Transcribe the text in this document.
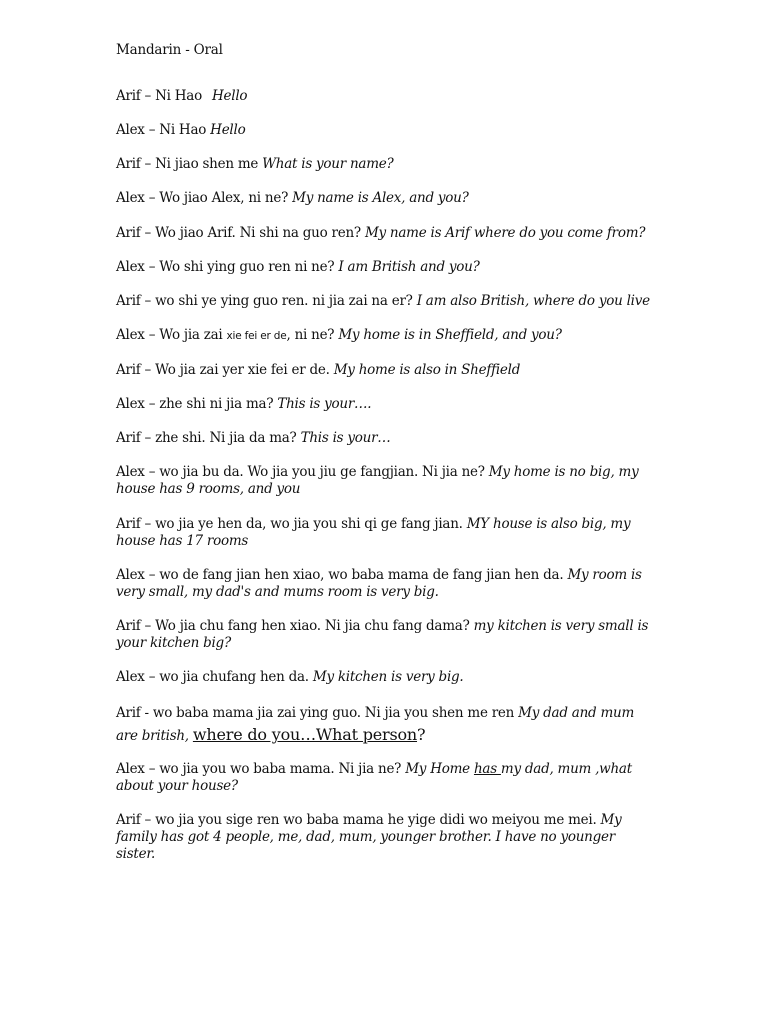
Mandarin - Oral
Arif – Ni Hao Hello
Alex – Ni Hao Hello
Arif – Ni jiao shen me What is your name?
Alex – Wo jiao Alex, ni ne? My name is Alex, and you?
Arif – Wo jiao Arif. Ni shi na guo ren? My name is Arif where do you come from?
Alex – Wo shi ying guo ren ni ne? I am British and you?
Arif – wo shi ye ying guo ren. ni jia zai na er? I am also British, where do you live
Alex – Wo jia zai xie fei er de, ni ne? My home is in Sheffield, and you?
Arif – Wo jia zai yer xie fei er de. My home is also in Sheffield
Alex – zhe shi ni jia ma? This is your….
Arif – zhe shi. Ni jia da ma? This is your…
Alex – wo jia bu da. Wo jia you jiu ge fangjian. Ni jia ne? My home is no big, my house has 9 rooms, and you
Arif – wo jia ye hen da, wo jia you shi qi ge fang jian. MY house is also big, my house has 17 rooms
Alex – wo de fang jian hen xiao, wo baba mama de fang jian hen da. My room is very small, my dad's and mums room is very big.
Arif – Wo jia chu fang hen xiao. Ni jia chu fang dama? my kitchen is very small is your kitchen big?
Alex – wo jia chufang hen da. My kitchen is very big.
Arif - wo baba mama jia zai ying guo. Ni jia you shen me ren My dad and mum are british, where do you…What person?
Alex – wo jia you wo baba mama. Ni jia ne? My Home has my dad, mum ,what about your house?
Arif – wo jia you sige ren wo baba mama he yige didi wo meiyou me mei. My family has got 4 people, me, dad, mum, younger brother. I have no younger sister.
